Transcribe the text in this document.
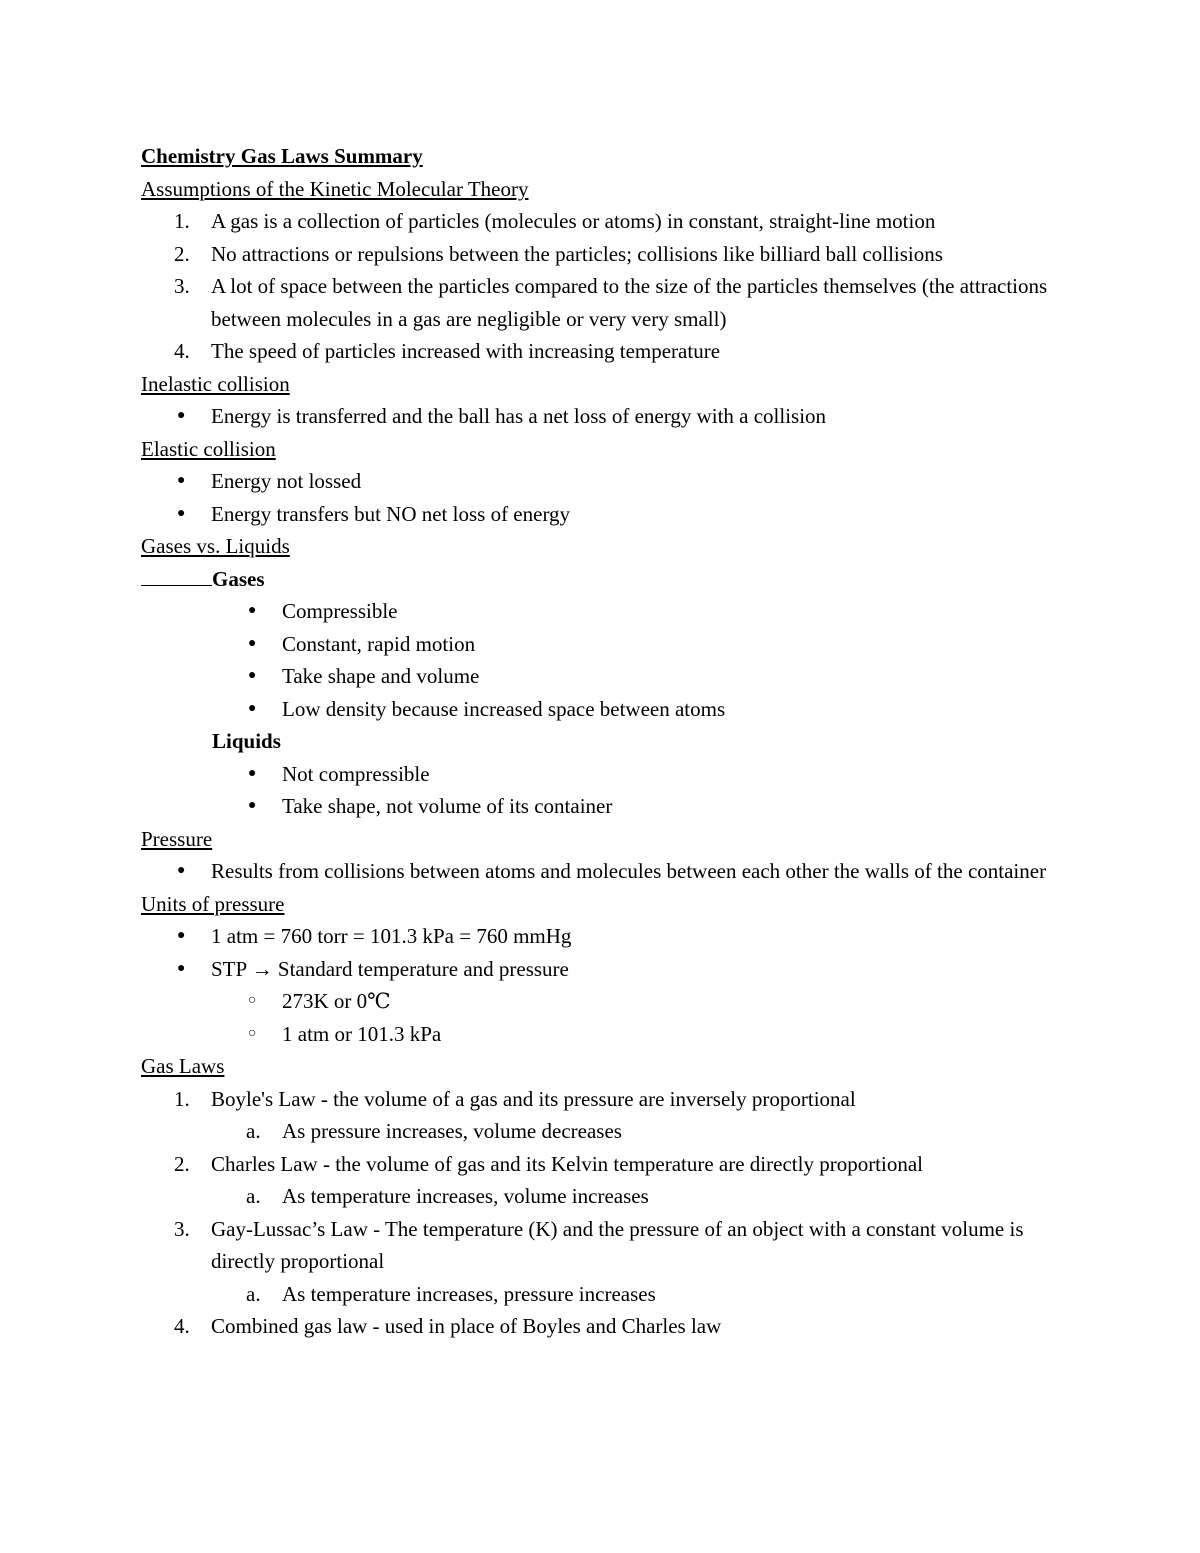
Chemistry Gas Laws Summary
Assumptions of the Kinetic Molecular Theory
1. A gas is a collection of particles (molecules or atoms) in constant, straight-line motion
2. No attractions or repulsions between the particles; collisions like billiard ball collisions
3. A lot of space between the particles compared to the size of the particles themselves (the attractions between molecules in a gas are negligible or very very small)
4. The speed of particles increased with increasing temperature
Inelastic collision
● Energy is transferred and the ball has a net loss of energy with a collision
Elastic collision
● Energy not lossed
● Energy transfers but NO net loss of energy
Gases vs. Liquids
Gases
● Compressible
● Constant, rapid motion
● Take shape and volume
● Low density because increased space between atoms
Liquids
● Not compressible
● Take shape, not volume of its container
Pressure
● Results from collisions between atoms and molecules between each other the walls of the container
Units of pressure
● 1 atm = 760 torr = 101.3 kPa = 760 mmHg
● STP → Standard temperature and pressure
○ 273K or 0℃
○ 1 atm or 101.3 kPa
Gas Laws
1. Boyle's Law - the volume of a gas and its pressure are inversely proportional
a. As pressure increases, volume decreases
2. Charles Law - the volume of gas and its Kelvin temperature are directly proportional
a. As temperature increases, volume increases
3. Gay-Lussac’s Law - The temperature (K) and the pressure of an object with a constant volume is directly proportional
a. As temperature increases, pressure increases
4. Combined gas law - used in place of Boyles and Charles law
